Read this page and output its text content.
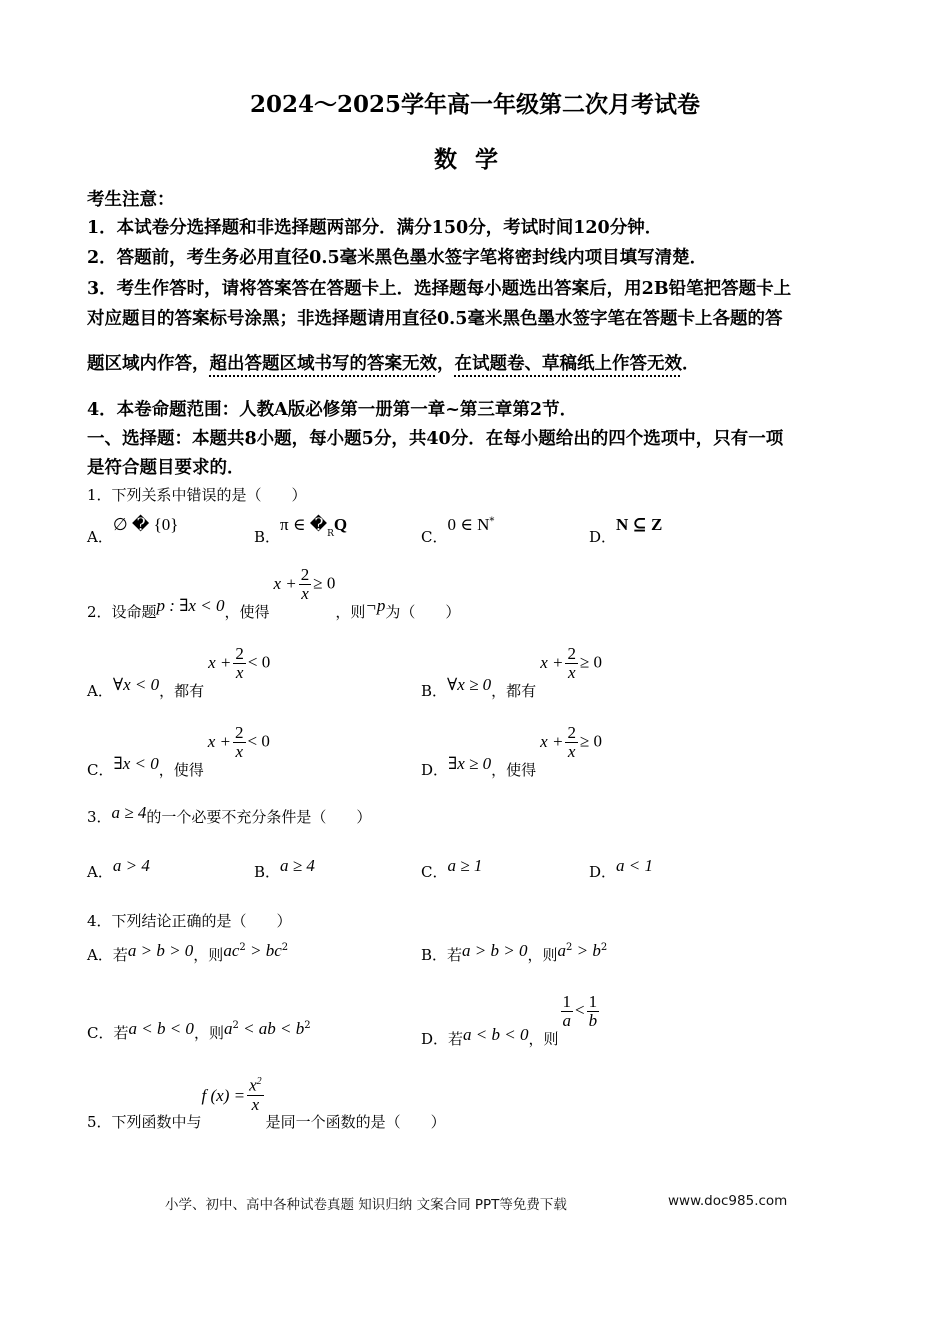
2024～2025学年高一年级第二次月考试卷
数学
考生注意：
1．本试卷分选择题和非选择题两部分．满分150分，考试时间120分钟．
2．答题前，考生务必用直径0.5毫米黑色墨水签字笔将密封线内项目填写清楚．
3．考生作答时，请将答案答在答题卡上．选择题每小题选出答案后，用2B铅笔把答题卡上
对应题目的答案标号涂黑；非选择题请用直径0.5毫米黑色墨水签字笔在答题卡上各题的答
题区域内作答，超出答题区域书写的答案无效，在试题卷、草稿纸上作答无效．
4．本卷命题范围：人教A版必修第一册第一章~第三章第2节．
一、选择题：本题共8小题，每小题5分，共40分．在每小题给出的四个选项中，只有一项
是符合题目要求的．
1．下列关系中错误的是（　　）
A．∅ � {0}
B．π ∈ $�_RQ$
C．0 ∈ N*
D．N ⊆ Z
2．设命题p : ∃x < 0，使得$x + \frac{2}{x} \ge 0$，则¬p为（　　）
A．∀x < 0，都有$x + \frac{2}{x} < 0$
B．∀x ≥ 0，都有$x + \frac{2}{x} \ge 0$
C．∃x < 0，使得$x + \frac{2}{x} < 0$
D．∃x ≥ 0，使得$x + \frac{2}{x} \ge 0$
3．a ≥ 4的一个必要不充分条件是（　　）
A．a > 4	B．a ≥ 4	C．a ≥ 1	D．a < 1
4．下列结论正确的是（　　）
A．若a > b > 0，则$ac^2 > bc^2$	B．若a > b > 0，则$a^2 > b^2$
C．若a < b < 0，则$a^2$ < ab < $b^2$
D．若a < b < 0，则
$\frac{1}{a} < \frac{1}{b}$
5．下列函数中与f $(x) = \frac{x^2}{x}$
是同一个函数的是（　　）
小学、初中、高中各种试卷真题 知识归纳 文案合同 PPT等免费下载	www.doc985.com
